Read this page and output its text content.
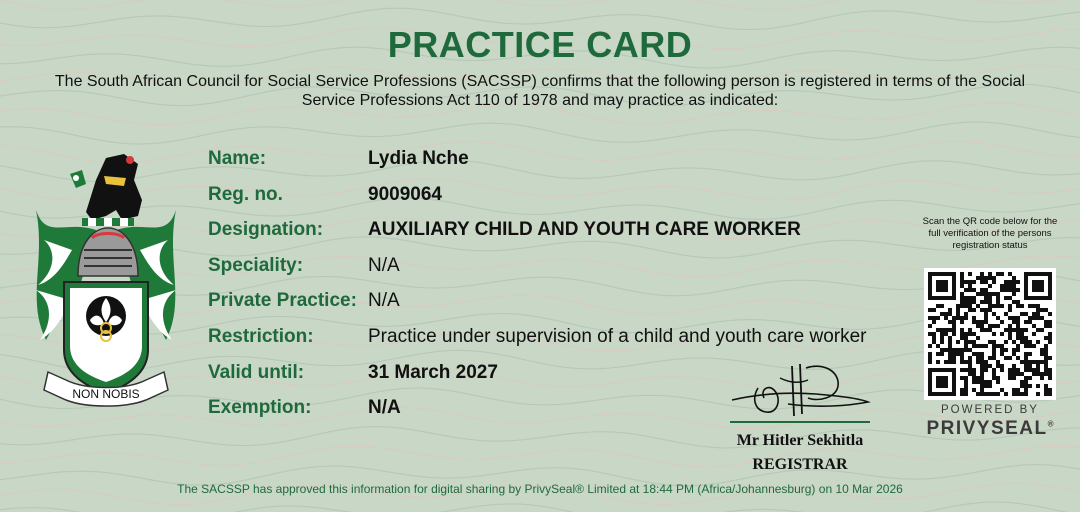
PRACTICE CARD
The South African Council for Social Service Professions (SACSSP) confirms that the following person is registered in terms of the Social Service Professions Act 110 of 1978 and may practice as indicated:
NON NOBIS
Name:	Lydia Nche
Reg. no.	9009064
Designation: AUXILIARY CHILD AND YOUTH CARE WORKER
Speciality:	N/A
Private Practice: N/A
Restriction:	Practice under supervision of a child and youth care worker
Valid until:	31 March 2027
Exemption:	N/A
Mr Hitler Sekhitla
REGISTRAR
Scan the QR code below for the full verification of the persons registration status
POWERED BY
PRIVYSEAL®
The SACSSP has approved this information for digital sharing by PrivySeal® Limited at 18:44 PM (Africa/Johannesburg) on 10 Mar 2026
